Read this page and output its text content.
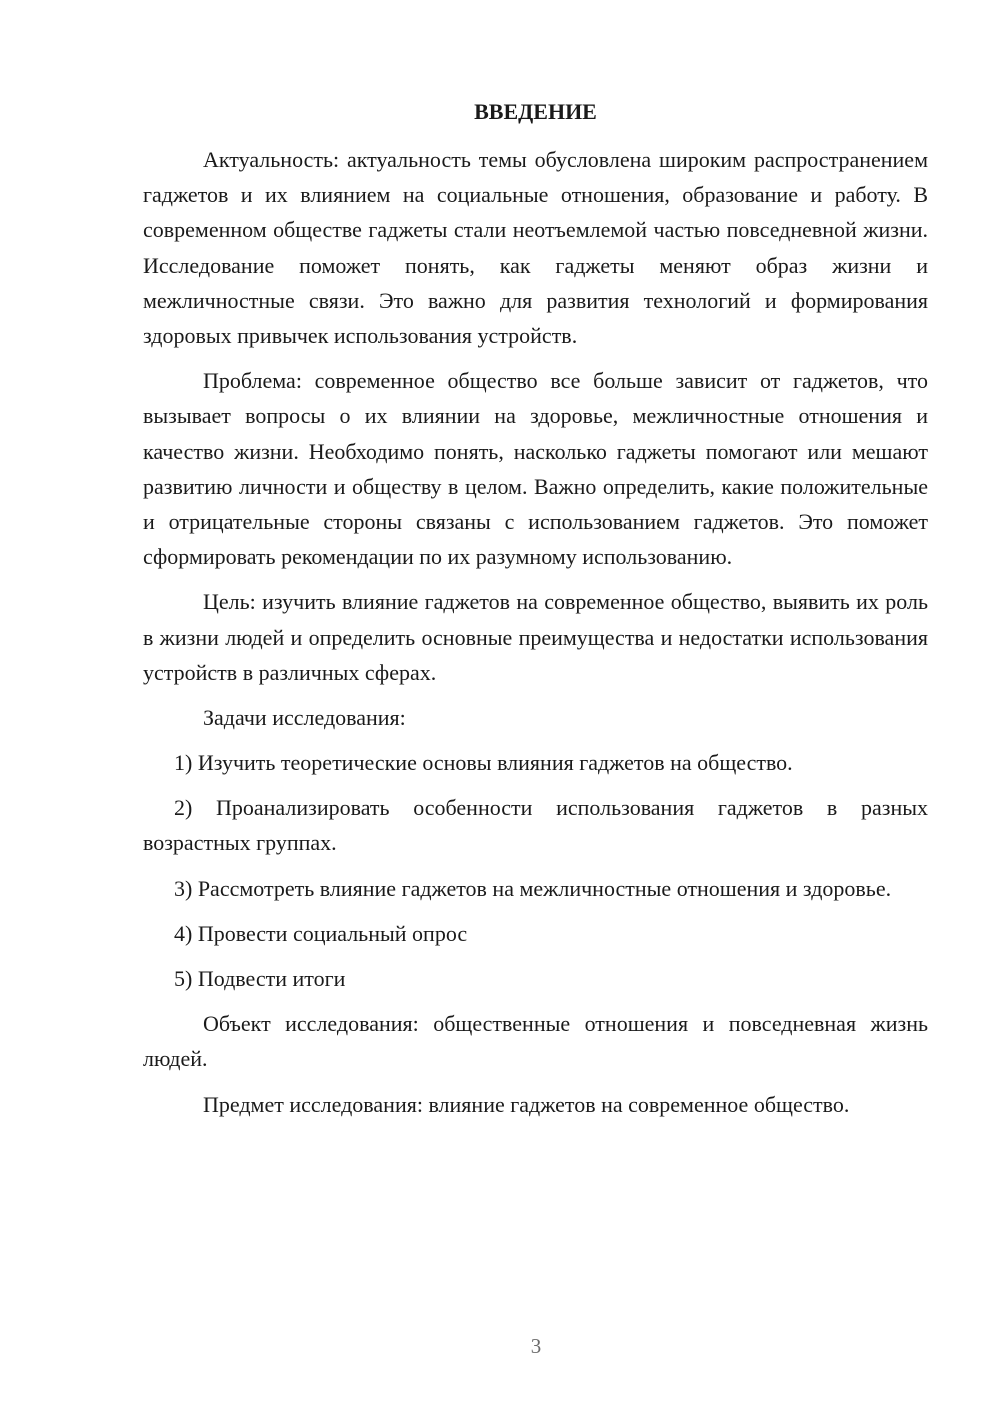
ВВЕДЕНИЕ

Актуальность: актуальность темы обусловлена широким распространением гаджетов и их влиянием на социальные отношения, образование и работу. В современном обществе гаджеты стали неотъемлемой частью повседневной жизни. Исследование поможет понять, как гаджеты меняют образ жизни и межличностные связи. Это важно для развития технологий и формирования здоровых привычек использования устройств.

Проблема: современное общество все больше зависит от гаджетов, что вызывает вопросы о их влиянии на здоровье, межличностные отношения и качество жизни. Необходимо понять, насколько гаджеты помогают или мешают развитию личности и обществу в целом. Важно определить, какие положительные и отрицательные стороны связаны с использованием гаджетов. Это поможет сформировать рекомендации по их разумному использованию.

Цель: изучить влияние гаджетов на современное общество, выявить их роль в жизни людей и определить основные преимущества и недостатки использования устройств в различных сферах.

Задачи исследования:

1) Изучить теоретические основы влияния гаджетов на общество.

2) Проанализировать особенности использования гаджетов в разных возрастных группах.

3) Рассмотреть влияние гаджетов на межличностные отношения и здоровье.

4) Провести социальный опрос

5) Подвести итоги

Объект исследования: общественные отношения и повседневная жизнь людей.

Предмет исследования: влияние гаджетов на современное общество.

3
